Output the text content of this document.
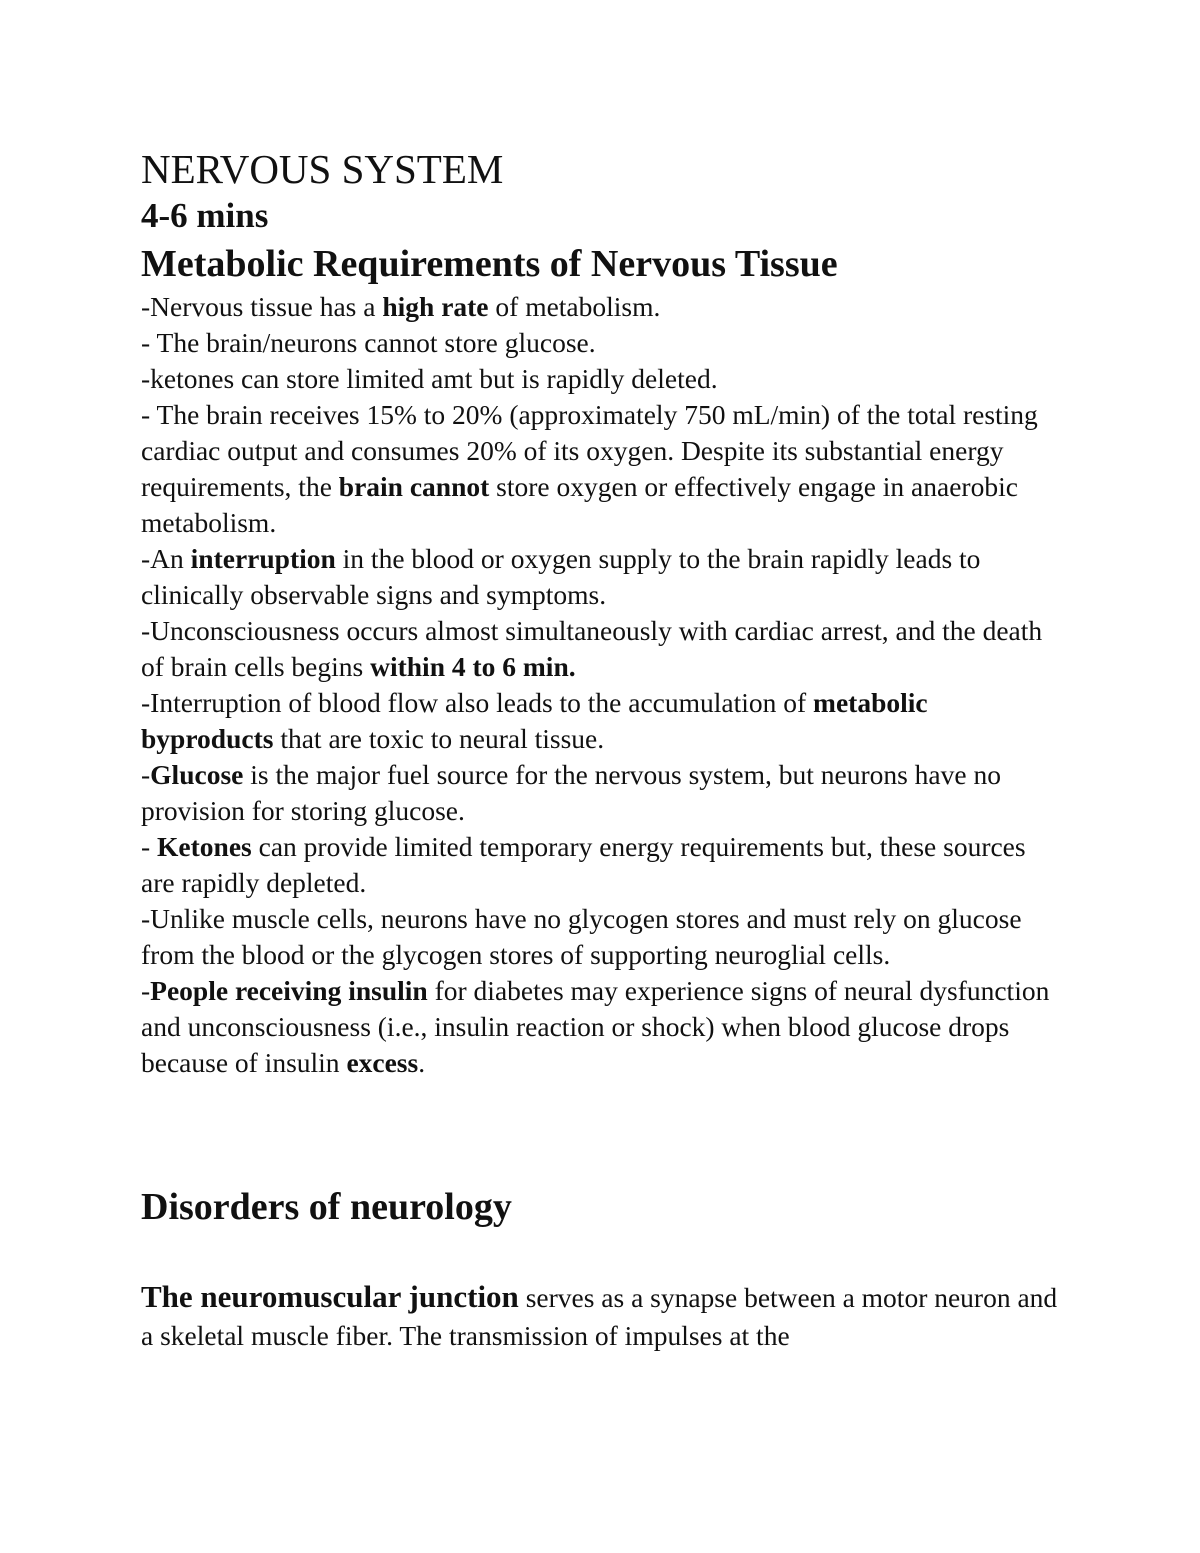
NERVOUS SYSTEM
4-6 mins
Metabolic Requirements of Nervous Tissue

-Nervous tissue has a high rate of metabolism.

- The brain/neurons cannot store glucose.

-ketones can store limited amt but is rapidly deleted.

- The brain receives 15% to 20% (approximately 750 mL/min) of the total resting cardiac output and consumes 20% of its oxygen. Despite its substantial energy requirements, the brain cannot store oxygen or effectively engage in anaerobic metabolism.

-An interruption in the blood or oxygen supply to the brain rapidly leads to clinically observable signs and symptoms.

-Unconsciousness occurs almost simultaneously with cardiac arrest, and the death of brain cells begins within 4 to 6 min.

-Interruption of blood flow also leads to the accumulation of metabolic byproducts that are toxic to neural tissue.

-Glucose is the major fuel source for the nervous system, but neurons have no provision for storing glucose.

- Ketones can provide limited temporary energy requirements but, these sources are rapidly depleted.

-Unlike muscle cells, neurons have no glycogen stores and must rely on glucose from the blood or the glycogen stores of supporting neuroglial cells.

-People receiving insulin for diabetes may experience signs of neural dysfunction and unconsciousness (i.e., insulin reaction or shock) when blood glucose drops because of insulin excess.

Disorders of neurology

The neuromuscular junction serves as a synapse between a motor neuron and a skeletal muscle fiber. The transmission of impulses at the
